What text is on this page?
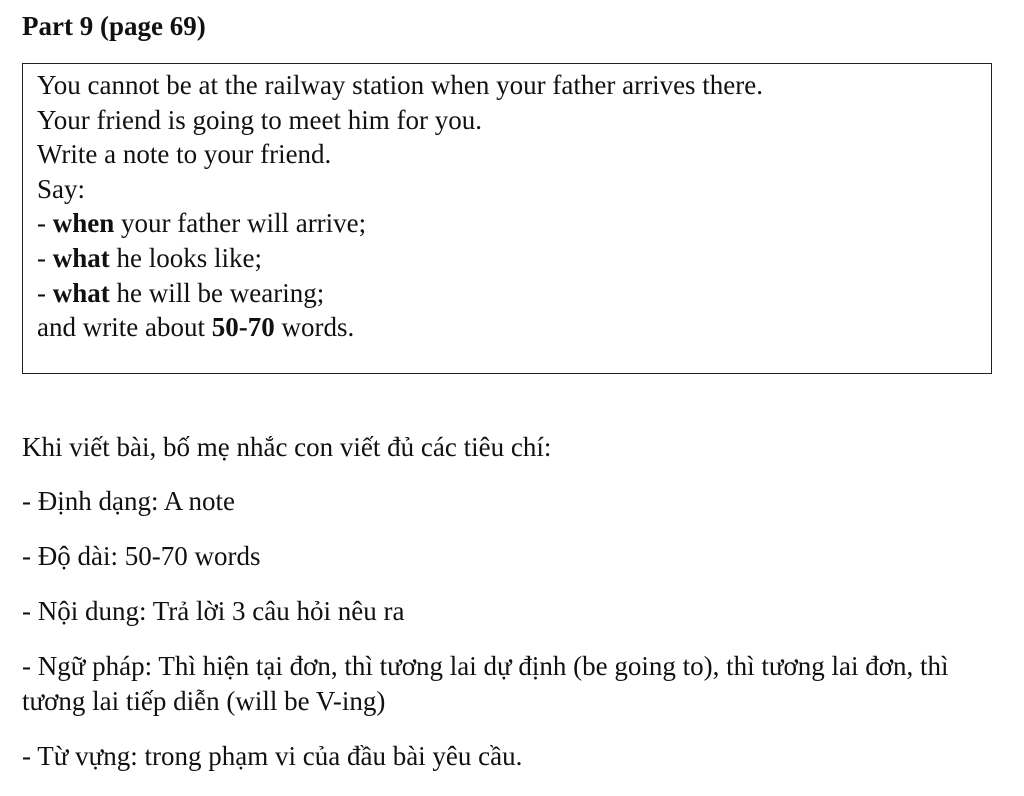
Part 9 (page 69)

You cannot be at the railway station when your father arrives there.

Your friend is going to meet him for you.

Write a note to your friend.

Say:

- when your father will arrive;

- what he looks like;

- what he will be wearing;

and write about 50-70 words.

Khi viết bài, bố mẹ nhắc con viết đủ các tiêu chí:

- Định dạng: A note

- Độ dài: 50-70 words

- Nội dung: Trả lời 3 câu hỏi nêu ra

- Ngữ pháp: Thì hiện tại đơn, thì tương lai dự định (be going to), thì tương lai đơn, thì tương lai tiếp diễn (will be V-ing)

- Từ vựng: trong phạm vi của đầu bài yêu cầu.
